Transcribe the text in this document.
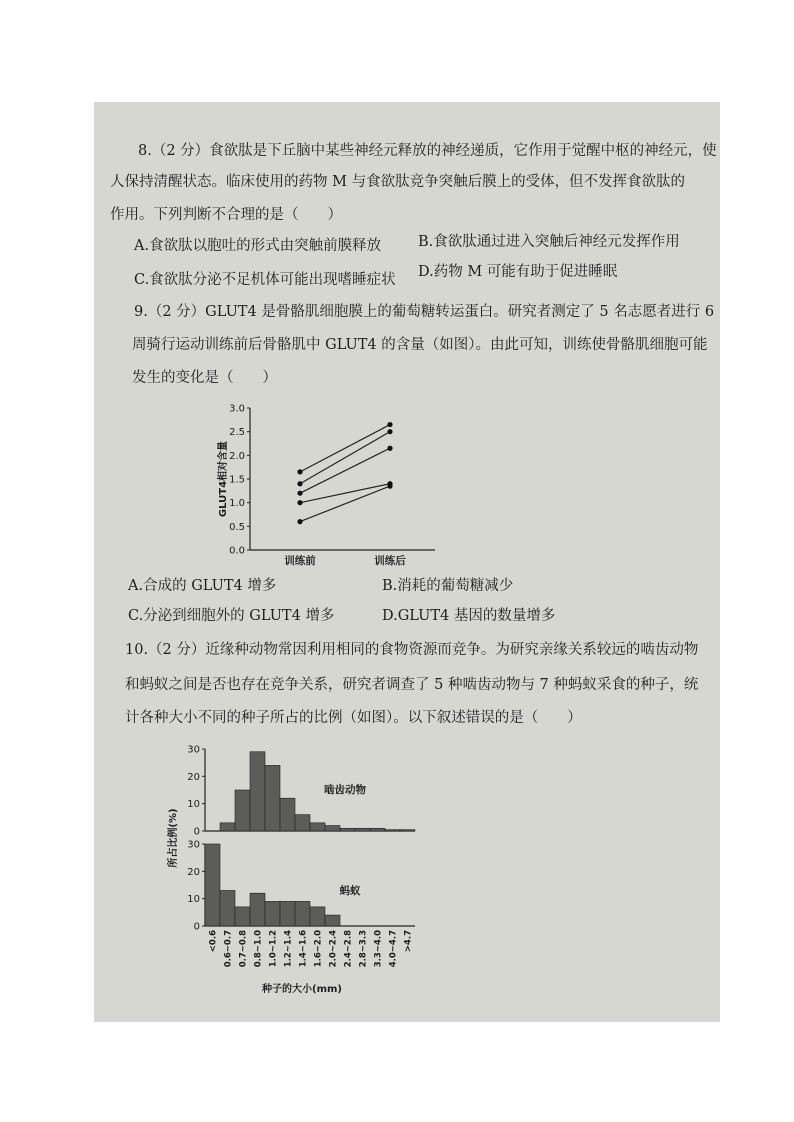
8.（2 分）食欲肽是下丘脑中某些神经元释放的神经递质，它作用于觉醒中枢的神经元，使
人保持清醒状态。临床使用的药物 M 与食欲肽竞争突触后膜上的受体，但不发挥食欲肽的
作用。下列判断不合理的是（　　）
A.食欲肽以胞吐的形式由突触前膜释放	B.食欲肽通过进入突触后神经元发挥作用
C.食欲肽分泌不足机体可能出现嗜睡症状 D.药物 M 可能有助于促进睡眠
9.（2 分）GLUT4 是骨骼肌细胞膜上的葡萄糖转运蛋白。研究者测定了 5 名志愿者进行 6
周骑行运动训练前后骨骼肌中 GLUT4 的含量（如图）。由此可知，训练使骨骼肌细胞可能
发生的变化是（　　）
0.0
0.5
1.0
1.5
2.0
2.5
3.0
训练前	训练后
GLUT4相对含量
A.合成的 GLUT4 增多	B.消耗的葡萄糖减少
C.分泌到细胞外的 GLUT4 增多	D.GLUT4 基因的数量增多
10.（2 分）近缘种动物常因利用相同的食物资源而竞争。为研究亲缘关系较远的啮齿动物
和蚂蚁之间是否也存在竞争关系，研究者调查了 5 种啮齿动物与 7 种蚂蚁采食的种子，统
计各种大小不同的种子所占的比例（如图）。以下叙述错误的是（　　）
0
10
20
30
啮齿动物
0
10
20
30
蚂蚁
<0.6 0.6~0.7 0.7~0.8 0.8~1.0 1.0~1.2 1.2~1.4 1.4~1.6 1.6~2.0 2.0~2.4 2.4~2.8 2.8~3.3 3.3~4.0 4.0~4.7 >4.7
种子的大小(mm)
所占比例(%)
